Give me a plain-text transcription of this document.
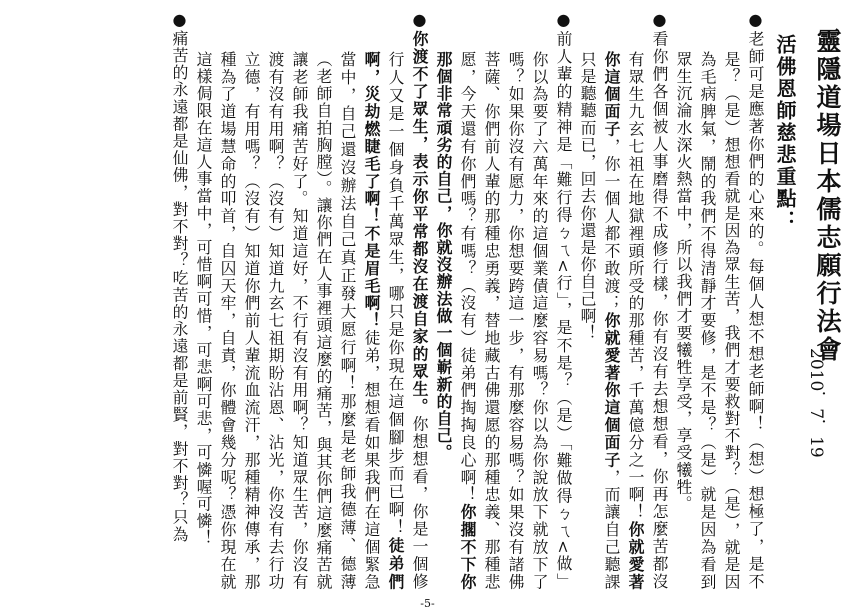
靈隱道場日本儒志願行法會
2010．7．19
活佛恩師慈悲重點：

●老師可是應著你們的心來的。每個人想不想老師啊！（想）想極了，是不是？（是）想想看就是因為眾生苦，我們才要救對不對？（是），就是因為毛病脾氣，鬧的我們不得清靜才要修，是不是？（是）就是因為看到眾生沉淪水深火熱當中，所以我們才要犧牲享受，享受犧牲。

●看你們各個被人事磨得不成修行樣，你有沒有去想想看，你再怎麼苦都沒有眾生九玄七祖在地獄裡頭所受的那種苦，千萬億分之一啊！你就愛著你這個面子，你一個人都不敢渡；你就愛著你這個面子，而讓自己聽課只是聽聽而已，回去你還是你自己啊！

●前人輩的精神是「難行得ㄅㄟ<行」，是不是？（是）「難做得ㄅㄟ<做」你以為要了六萬年來的這個業債這麼容易嗎？你以為你說放下就放下了嗎？如果你沒有愿力，你想要跨這一步，有那麼容易嗎？如果沒有諸佛菩薩、你們前人輩的那種忠勇義，替地藏古佛還愿的那種忠義、那種悲愿，今天還有你們嗎？有嗎？（沒有）徒弟們掏掏良心啊！你擱不下你那個非常頑劣的自己，你就沒辦法做一個嶄新的自己。

●你渡不了眾生，表示你平常都沒在渡自家的眾生。你想想看，你是一個修行人又是一個身負千萬眾生，哪只是你現在這個腳步而已啊！徒弟們啊，災劫燃睫毛了啊！不是眉毛啊！徒弟，想想看如果我們在這個緊急當中，自己還沒辦法自己真正發大愿行啊！那麼是老師我德薄、德薄（老師自拍胸膛）。讓你們在人事裡頭這麼的痛苦，與其你們這麼痛苦就讓老師我痛苦好了。知道這好，不行有沒有用啊？知道眾生苦，你沒有渡有沒有用啊？（沒有）知道九玄七祖期盼沾恩、沾光，你沒有去行功立德，有用嗎？（沒有）知道你們前人輩流血流汗，那種精神傳承，那種為了道場慧命的叩首，自囚天牢，自責，你體會幾分呢？憑你現在就這樣侷限在這人事當中，可惜啊可惜，可悲啊可悲，可憐喔可憐！

●痛苦的永遠都是仙佛，對不對？吃苦的永遠都是前賢，對不對？只為

-5-
